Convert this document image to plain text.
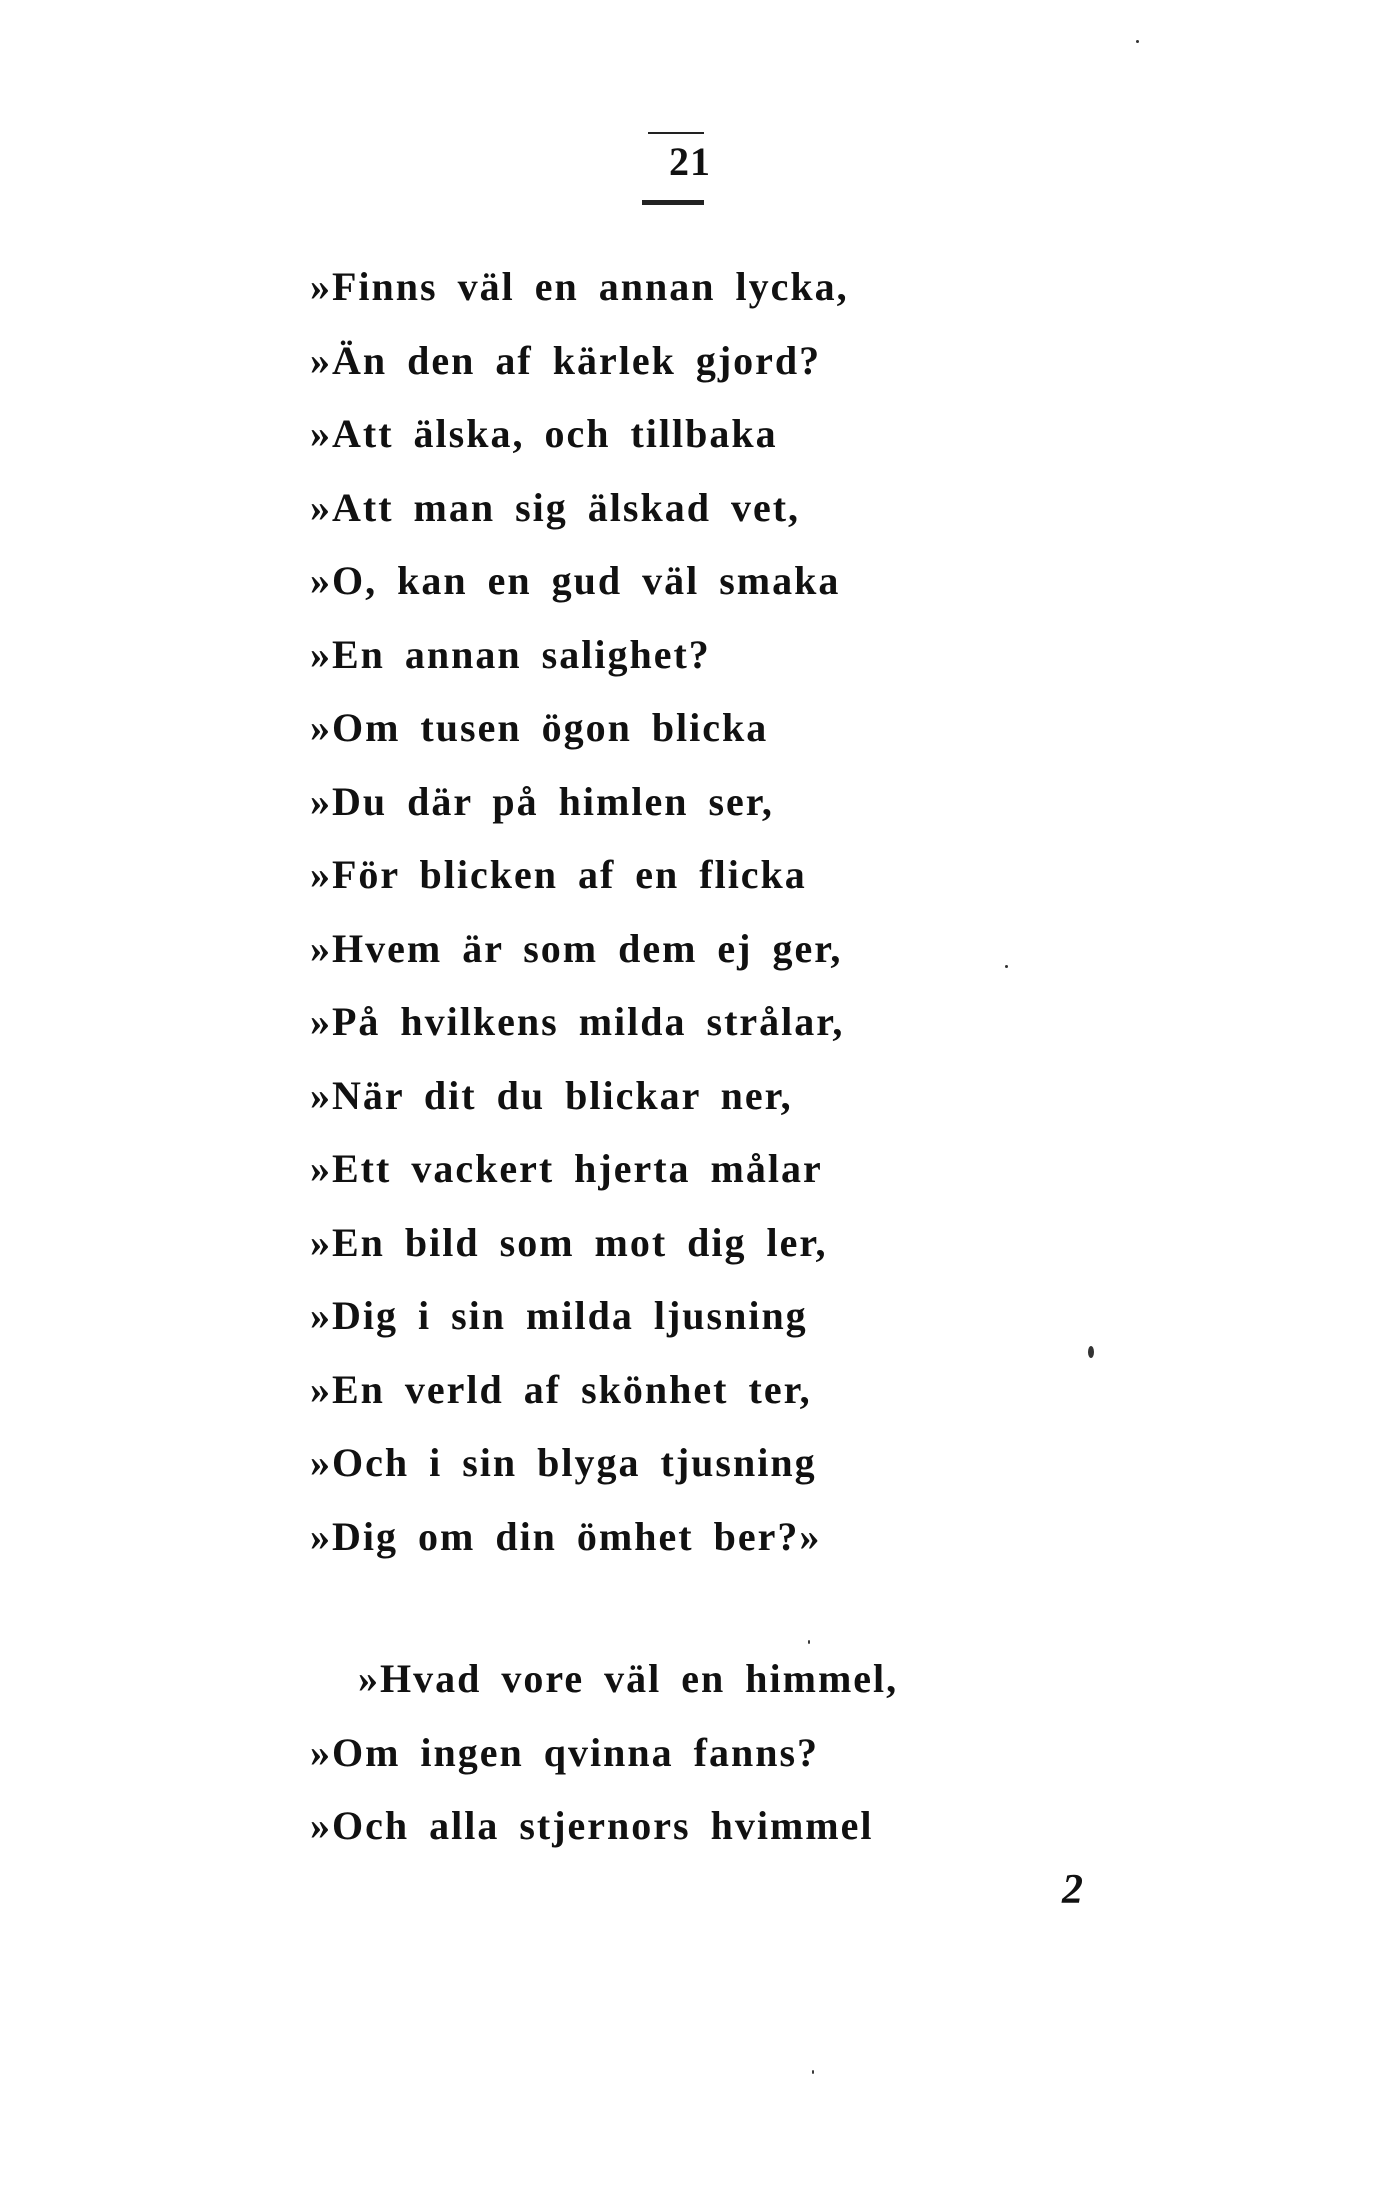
21
»Finns väl en annan lycka,
»Än den af kärlek gjord?
»Att älska, och tillbaka
»Att man sig älskad vet,
»O, kan en gud väl smaka
»En annan salighet?
»Om tusen ögon blicka
»Du där på himlen ser,
»För blicken af en flicka
»Hvem är som dem ej ger,
»På hvilkens milda strålar,
»När dit du blickar ner,
»Ett vackert hjerta målar
»En bild som mot dig ler,
»Dig i sin milda ljusning
»En verld af skönhet ter,
»Och i sin blyga tjusning
»Dig om din ömhet ber?»
»Hvad vore väl en himmel,
»Om ingen qvinna fanns?
»Och alla stjernors hvimmel
2
